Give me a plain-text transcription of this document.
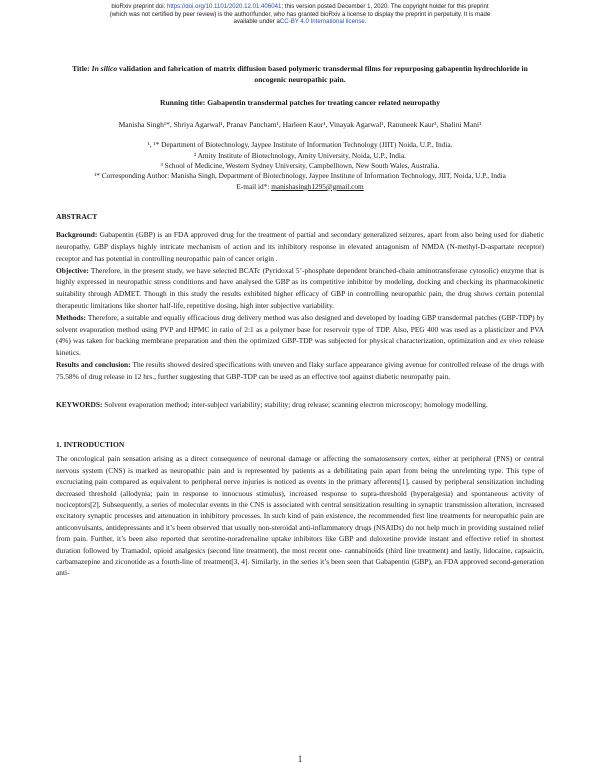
bioRxiv preprint doi: https://doi.org/10.1101/2020.12.01.406041; this version posted December 1, 2020. The copyright holder for this preprint
(which was not certified by peer review) is the author/funder, who has granted bioRxiv a license to display the preprint in perpetuity. It is made
available under aCC-BY 4.0 International license.

Title: In silico validation and fabrication of matrix diffusion based polymeric transdermal films for repurposing gabapentin hydrochloride in oncogenic neuropathic pain.

Running title: Gabapentin transdermal patches for treating cancer related neuropathy

Manisha Singh¹*, Shriya Agarwal¹, Pranav Pancham¹, Harleen Kaur¹, Vinayak Agarwal¹, Ranuneek Kaur³, Shalini Mani¹

¹, ¹* Department of Biotechnology, Jaypee Institute of Information Technology (JIIT) Noida, U.P., India.

² Amity Institute of Biotechnology, Amity University, Noida, U.P., India.

³ School of Medicine, Western Sydney University, Campbelltown, New South Wales, Australia.

¹* Corresponding Author: Manisha Singh, Department of Biotechnology, Jaypee Institute of Information Technology, JIIT, Noida, U.P., India

E-mail id*: manishasingh1295@gmail.com

ABSTRACT

Background: Gabapentin (GBP) is an FDA approved drug for the treatment of partial and secondary generalized seizures, apart from also being used for diabetic neuropathy. GBP displays highly intricate mechanism of action and its inhibitory response in elevated antagonism of NMDA (N-methyl-D-aspartate receptor) receptor and has potential in controlling neuropathic pain of cancer origin .

Objective: Therefore, in the present study, we have selected BCATc (Pyridoxal 5’-phosphate dependent branched-chain aminotransferase cytosolic) enzyme that is highly expressed in neuropathic stress conditions and have analysed the GBP as its competitive inhibitor by modeling, docking and checking its pharmacokinetic suitability through ADMET. Though in this study the results exhibited higher efficacy of GBP in controlling neuropathic pain, the drug shows certain potential therapeutic limitations like shorter half-life, repetitive dosing, high inter subjective variability.

Methods: Therefore, a suitable and equally efficacious drug delivery method was also designed and developed by loading GBP transdermal patches (GBP-TDP) by solvent evaporation method using PVP and HPMC in ratio of 2:1 as a polymer base for reservoir type of TDP. Also, PEG 400 was used as a plasticizer and PVA (4%) was taken for backing membrane preparation and then the optimized GBP-TDP was subjected for physical characterization, optimization and ex vivo release kinetics.

Results and conclusion: The results showed desired specifications with uneven and flaky surface appearance giving avenue for controlled release of the drugs with 75.58% of drug release in 12 hrs., further suggesting that GBP-TDP can be used as an effective tool against diabetic neuropathy pain.

KEYWORDS: Solvent evaporation method; inter-subject variability; stability; drug release; scanning electron microscopy; homology modelling.

1. INTRODUCTION

The oncological pain sensation arising as a direct consequence of neuronal damage or affecting the somatosensory cortex, either at peripheral (PNS) or central nervous system (CNS) is marked as neuropathic pain and is represented by patients as a debilitating pain apart from being the unrelenting type. This type of excruciating pain compared as equivalent to peripheral nerve injuries is noticed as events in the primary afferents[1], caused by peripheral sensitization including decreased threshold (allodynia; pain in response to innocuous stimulus), increased response to supra-threshold (hyperalgesia) and spontaneous activity of nociceptors[2]. Subsequently, a series of molecular events in the CNS is associated with central sensitization resulting in synaptic transmission alteration, increased excitatory synaptic processes and attenuation in inhibitory processes. In such kind of pain existence, the recommended first line treatments for neuropathic pain are anticonvulsants, antidepressants and it’s been observed that usually non-steroidal anti-inflammatory drugs (NSAIDs) do not help much in providing sustained relief from pain. Further, it’s been also reported that serotine-noradrenaline uptake inhibitors like GBP and duloxetine provide instant and effective relief in shortest duration followed by Tramadol, opioid analgesics (second line treatment), the most recent one- cannabinoids (third line treatment) and lastly, lidocaine, capsaicin, carbamazepine and ziconotide as a fourth-line of treatment[3, 4]. Similarly, in the series it’s been seen that Gabapentin (GBP), an FDA approved second-generation anti-

1
